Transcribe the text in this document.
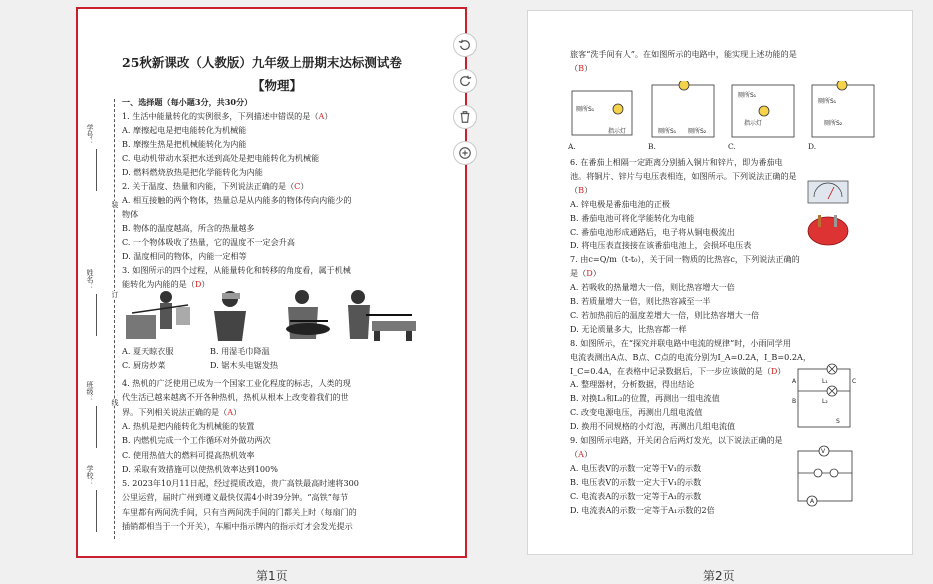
学号：
装
姓名：
订
班级：
线
学校：
25秋新课改（人教版）九年级上册期末达标测试卷
【物理】
一、选择题（每小题3分，共30分）
1. 生活中能量转化的实例很多，下列描述中错误的是（A）
A. 摩擦起电是把电能转化为机械能
B. 摩擦生热是把机械能转化为内能
C. 电动机带动水泵把水送到高处是把电能转化为机械能
D. 燃料燃烧放热是把化学能转化为内能
2. 关于温度、热量和内能，下列说法正确的是（C）
A. 相互接触的两个物体，热量总是从内能多的物体传向内能少的
物体
B. 物体的温度越高，所含的热量越多
C. 一个物体吸收了热量，它的温度不一定会升高
D. 温度相同的物体，内能一定相等
3. 如图所示的四个过程，从能量转化和转移的角度看，属于机械
能转化为内能的是（D）
A. 夏天晾衣服	B. 用湿毛巾降温
C. 厨房炒菜	D. 锯木头电锯发热
4. 热机的广泛使用已成为一个国家工业化程度的标志，人类的现
代生活已越来越离不开各种热机，热机从根本上改变着我们的世
界。下列相关说法正确的是（A）
A. 热机是把内能转化为机械能的装置
B. 内燃机完成一个工作循环对外做功两次
C. 使用热值大的燃料可提高热机效率
D. 采取有效措施可以使热机效率达到100%
5. 2023年10月11日起，经过提质改造，贵广高铁最高时速将300
公里运营，届时广州到遵义最快仅需4小时39分钟。“高铁”每节
车里都有两间洗手间，只有当两间洗手间的门都关上时（每扇门的
插销都相当于一个开关），车厢中指示牌内的指示灯才会发光提示
旅客“洗手间有人”。在如图所示的电路中，能实现上述功能的是
（B）
6. 在番茄上相隔一定距离分别插入铜片和锌片，即为番茄电
池。将铜片、锌片与电压表相连，如图所示。下列说法正确的是
（B）
A. 锌电极是番茄电池的正极
B. 番茄电池可将化学能转化为电能
C. 番茄电池形成通路后，电子将从铜电极流出
D. 将电压表直接接在该番茄电池上，会损坏电压表
7. 由c=Q/m（t-t₀），关于同一物质的比热容c，下列说法正确的
是（D）
A. 若吸收的热量增大一倍，则比热容增大一倍
B. 若质量增大一倍，则比热容减至一半
C. 若加热前后的温度差增大一倍，则比热容增大一倍
D. 无论质量多大，比热容都一样
8. 如图所示，在“探究并联电路中电流的规律”时，小雨同学用
电流表测出A点、B点、C点的电流分别为I_A=0.2A，I_B=0.2A，
I_C=0.4A，在表格中记录数据后，下一步应该做的是（D）
A. 整理器材，分析数据，得出结论
B. 对换L₁和L₂的位置，再测出一组电流值
C. 改变电源电压，再测出几组电流值
D. 换用不同规格的小灯泡，再测出几组电流值
9. 如图所示电路，开关闭合后两灯发光，以下说法正确的是
（A）
A. 电压表V的示数一定等于V₁的示数
B. 电压表V的示数一定大于V₁的示数
C. 电流表A的示数一定等于A₁的示数
D. 电流表A的示数一定等于A₁示数的2倍
厕所S₁
指示灯	厕所S₁ 厕所S₂
厕所S₁
指示灯
厕所S₁
厕所S₂
A.	B.	C.	D.
A	L₁	C
L₂
B
S
V
A
第1页	第2页
